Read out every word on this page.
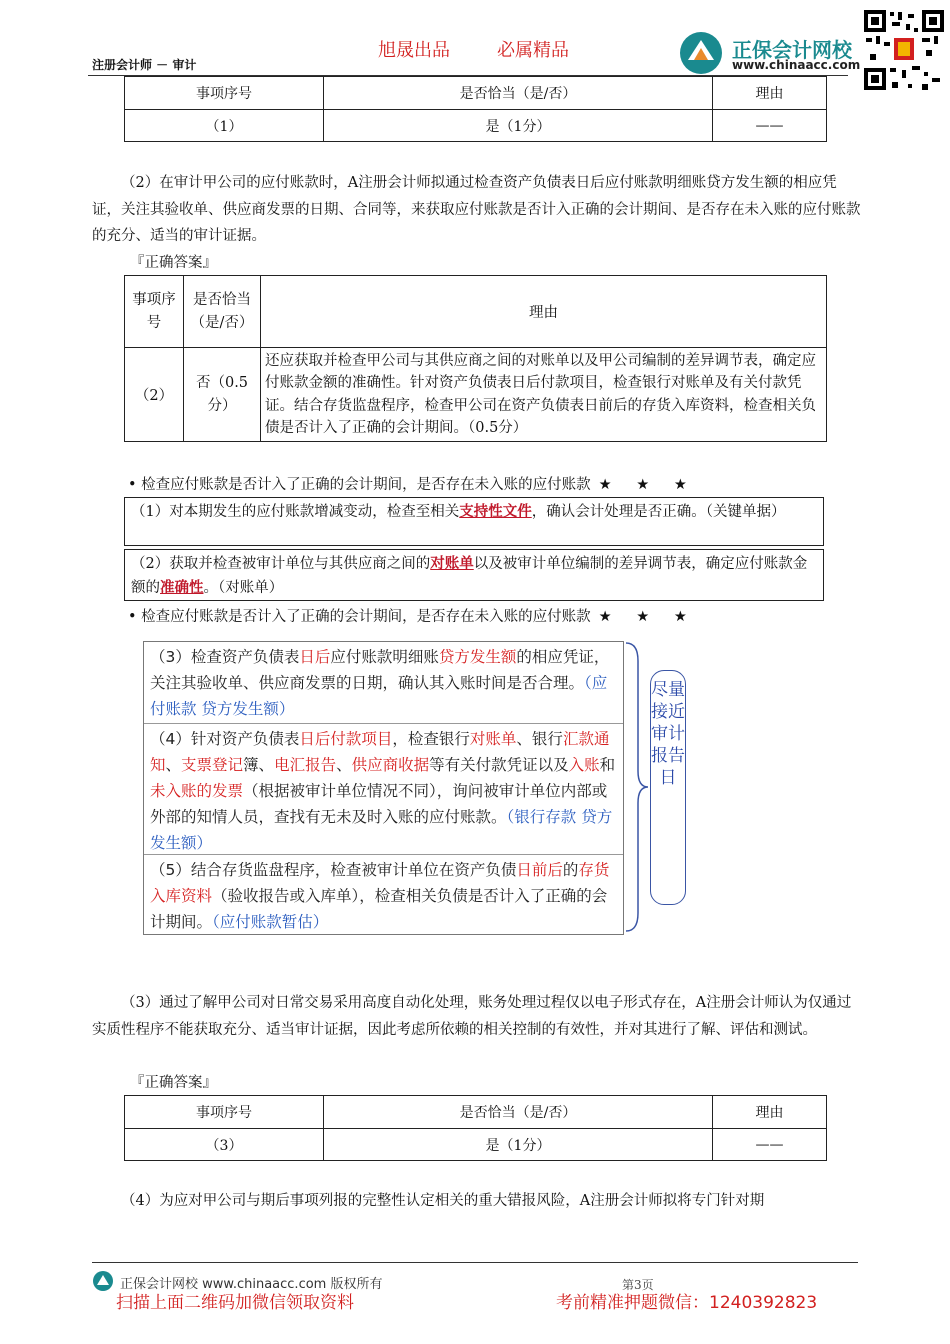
旭晟出品	必属精品
注册会计师 － 审计
正保会计网校
www.chinaacc.com
事项序号	是否恰当（是/否）	理由
（1）	是（1分）	——
（2）在审计甲公司的应付账款时，A注册会计师拟通过检查资产负债表日后应付账款明细账贷方发生额的相应凭证，关注其验收单、供应商发票的日期、合同等，来获取应付账款是否计入正确的会计期间、是否存在未入账的应付账款的充分、适当的审计证据。
『正确答案』
事项序号	是否恰当（是/否）	理由
（2）	否（0.5分）	还应获取并检查甲公司与其供应商之间的对账单以及甲公司编制的差异调节表，确定应付账款金额的准确性。针对资产负债表日后付款项目，检查银行对账单及有关付款凭证。结合存货监盘程序，检查甲公司在资产负债表日前后的存货入库资料，检查相关负债是否计入了正确的会计期间。（0.5分）
• 检查应付账款是否计入了正确的会计期间，是否存在未入账的应付账款 ★ ★ ★
（1）对本期发生的应付账款增减变动，检查至相关支持性文件，确认会计处理是否正确。（关键单据）
（2）获取并检查被审计单位与其供应商之间的对账单以及被审计单位编制的差异调节表，确定应付账款金额的准确性。（对账单）
• 检查应付账款是否计入了正确的会计期间，是否存在未入账的应付账款 ★ ★ ★
（3）检查资产负债表日后应付账款明细账贷方发生额的相应凭证，关注其验收单、供应商发票的日期，确认其入账时间是否合理。（应付账款 贷方发生额）
（4）针对资产负债表日后付款项目，检查银行对账单、银行汇款通知、支票登记簿、电汇报告、供应商收据等有关付款凭证以及入账和未入账的发票（根据被审计单位情况不同），询问被审计单位内部或外部的知情人员，查找有无未及时入账的应付账款。（银行存款 贷方发生额）
（5）结合存货监盘程序，检查被审计单位在资产负债日前后的存货入库资料（验收报告或入库单），检查相关负债是否计入了正确的会计期间。（应付账款暂估）
尽量接近审计报告日
（3）通过了解甲公司对日常交易采用高度自动化处理，账务处理过程仅以电子形式存在，A注册会计师认为仅通过实质性程序不能获取充分、适当审计证据，因此考虑所依赖的相关控制的有效性，并对其进行了解、评估和测试。
『正确答案』
事项序号	是否恰当（是/否）	理由
（3）	是（1分）	——
（4）为应对甲公司与期后事项列报的完整性认定相关的重大错报风险，A注册会计师拟将专门针对期
正保会计网校 www.chinaacc.com 版权所有	第3页
扫描上面二维码加微信领取资料	考前精准押题微信：1240392823
